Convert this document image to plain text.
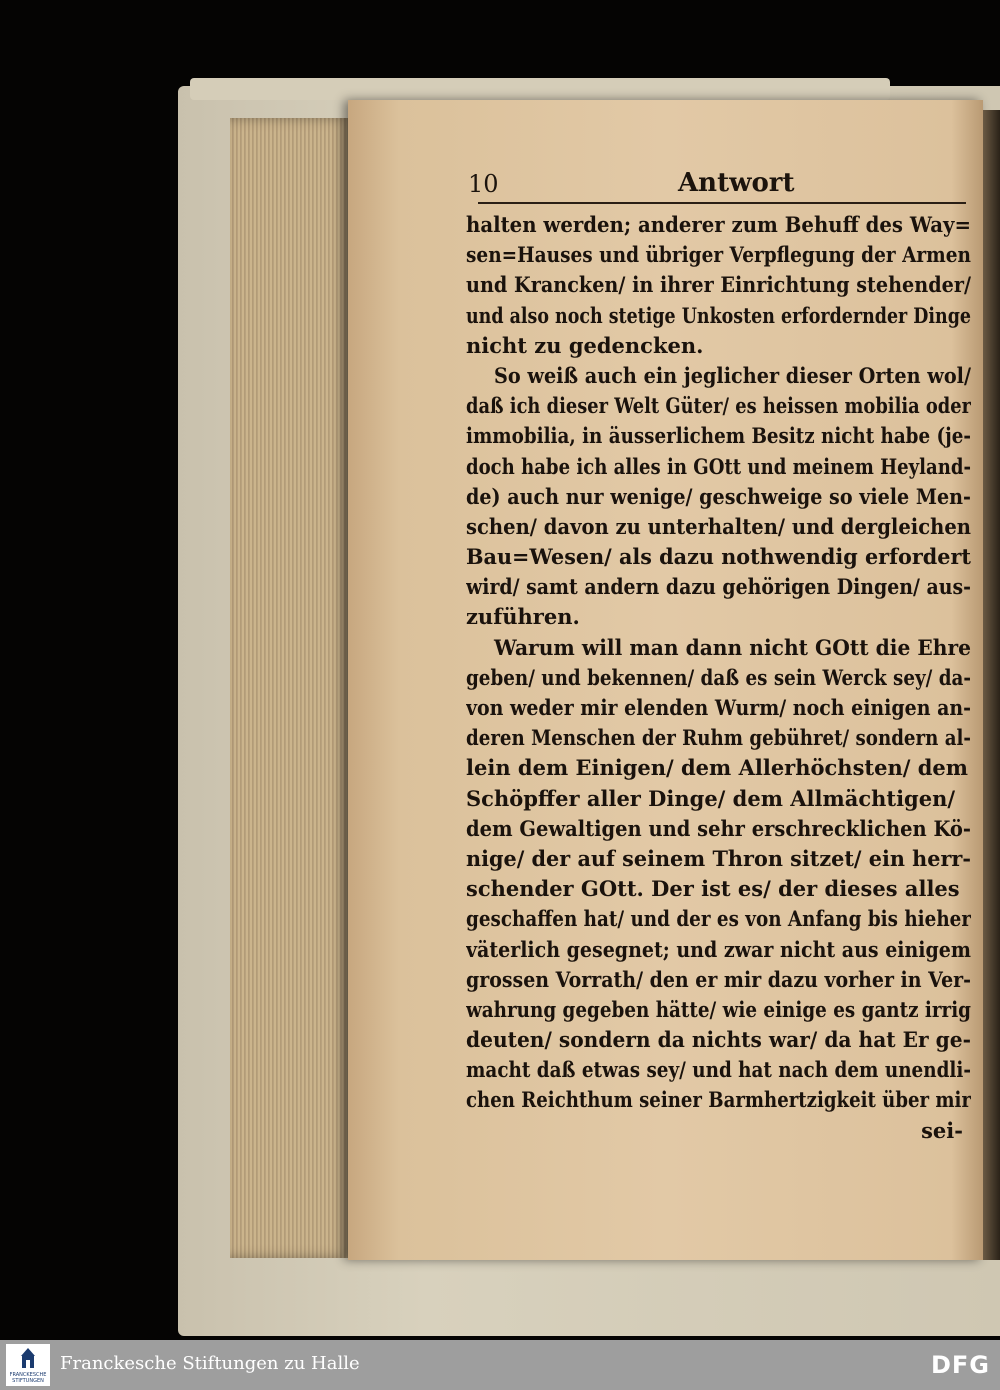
10	Antwort
halten werden; anderer zum Behuff des Way=
sen=Hauses und übriger Verpflegung der Armen
und Krancken/ in ihrer Einrichtung stehender/
und also noch stetige Unkosten erfordernder Dinge
nicht zu gedencken.
So weiß auch ein jeglicher dieser Orten wol/
daß ich dieser Welt Güter/ es heissen mobilia oder
immobilia, in äusserlichem Besitz nicht habe (je-
doch habe ich alles in GOtt und meinem Heyland-
de) auch nur wenige/ geschweige so viele Men-
schen/ davon zu unterhalten/ und dergleichen
Bau=Wesen/ als dazu nothwendig erfordert
wird/ samt andern dazu gehörigen Dingen/ aus-
zuführen.
Warum will man dann nicht GOtt die Ehre
geben/ und bekennen/ daß es sein Werck sey/ da-
von weder mir elenden Wurm/ noch einigen an-
deren Menschen der Ruhm gebühret/ sondern al-
lein dem Einigen/ dem Allerhöchsten/ dem
Schöpffer aller Dinge/ dem Allmächtigen/
dem Gewaltigen und sehr erschrecklichen Kö-
nige/ der auf seinem Thron sitzet/ ein herr-
schender GOtt. Der ist es/ der dieses alles
geschaffen hat/ und der es von Anfang bis hieher
väterlich gesegnet; und zwar nicht aus einigem
grossen Vorrath/ den er mir dazu vorher in Ver-
wahrung gegeben hätte/ wie einige es gantz irrig
deuten/ sondern da nichts war/ da hat Er ge-
macht daß etwas sey/ und hat nach dem unendli-
chen Reichthum seiner Barmhertzigkeit über mir
sei-
FRANCKESCHE STIFTUNGEN
Franckesche Stiftungen zu Halle	DFG
